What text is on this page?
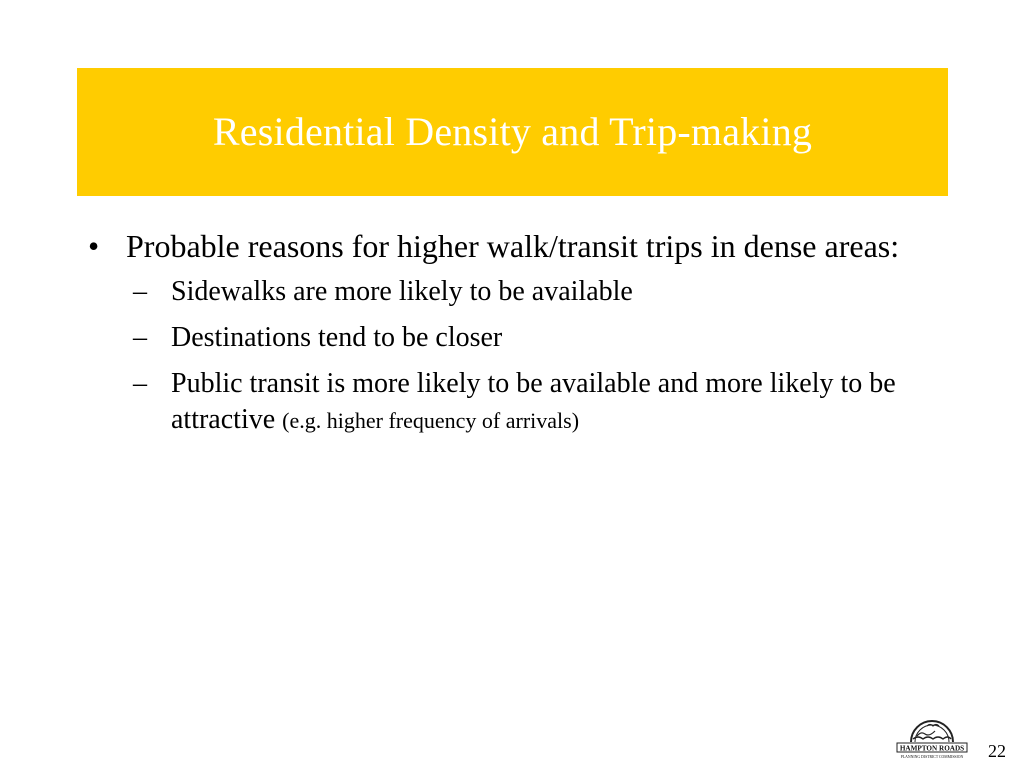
Residential Density and Trip-making
• Probable reasons for higher walk/transit trips in dense areas:
– Sidewalks are more likely to be available
– Destinations tend to be closer
– Public transit is more likely to be available and more likely to be attractive (e.g. higher frequency of arrivals)
HAMPTON ROADS
PLANNING DISTRICT COMMISSION 22
